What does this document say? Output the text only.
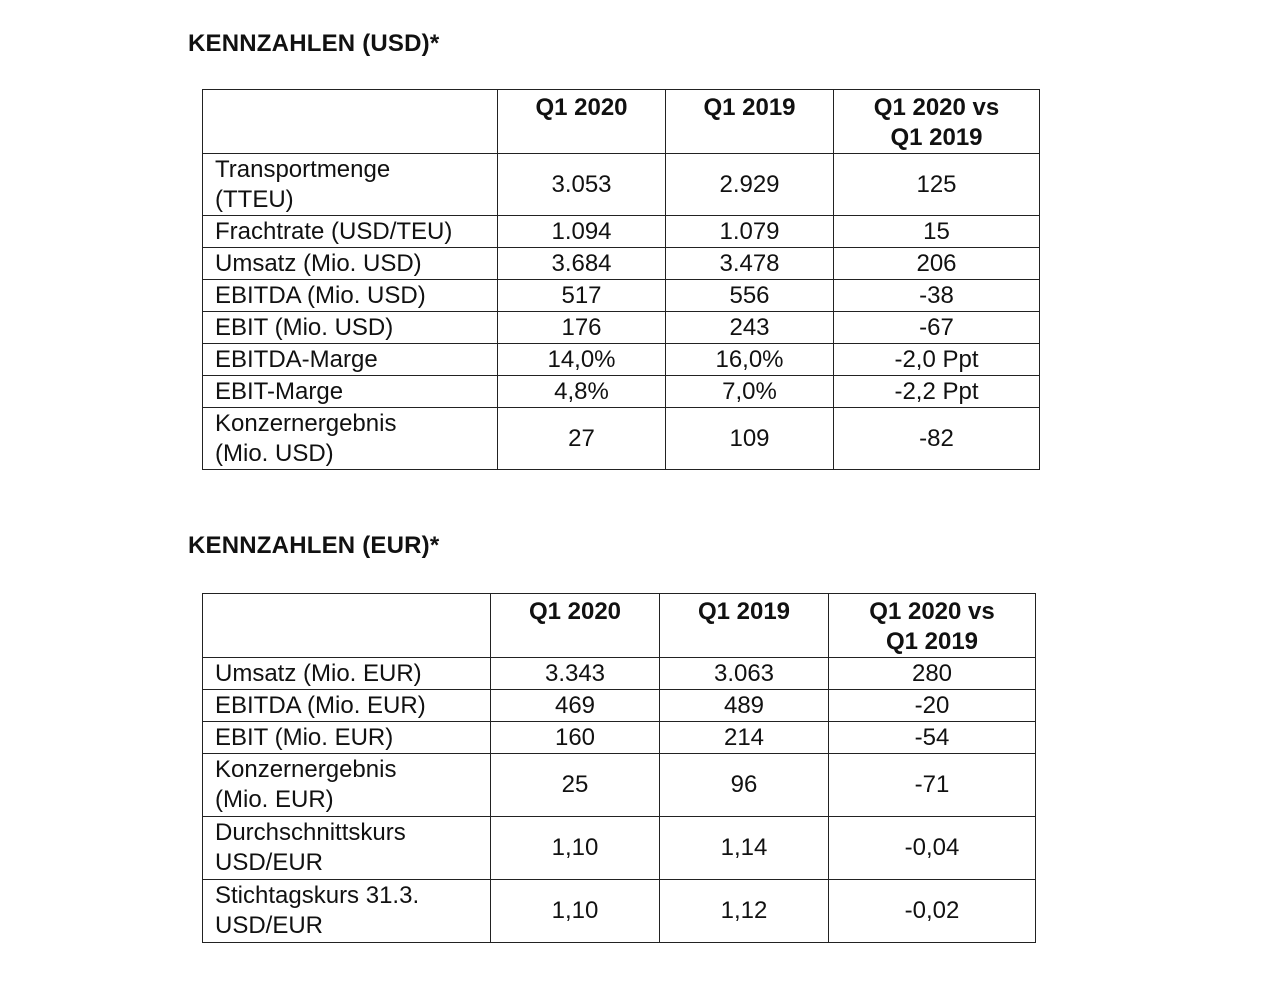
KENNZAHLEN (USD)*
	Q1 2020	Q1 2019	Q1 2020 vs
Q1 2019
Transportmenge
(TTEU)	3.053	2.929	125
Frachtrate (USD/TEU)	1.094	1.079	15
Umsatz (Mio. USD)	3.684	3.478	206
EBITDA (Mio. USD)	517	556	-38
EBIT (Mio. USD)	176	243	-67
EBITDA-Marge	14,0%	16,0%	-2,0 Ppt
EBIT-Marge	4,8%	7,0%	-2,2 Ppt
Konzernergebnis
(Mio. USD)	27	109	-82
KENNZAHLEN (EUR)*
	Q1 2020	Q1 2019	Q1 2020 vs
Q1 2019
Umsatz (Mio. EUR)	3.343	3.063	280
EBITDA (Mio. EUR)	469	489	-20
EBIT (Mio. EUR)	160	214	-54
Konzernergebnis
(Mio. EUR)	25	96	-71
Durchschnittskurs
USD/EUR	1,10	1,14	-0,04
Stichtagskurs 31.3.
USD/EUR	1,10	1,12	-0,02
